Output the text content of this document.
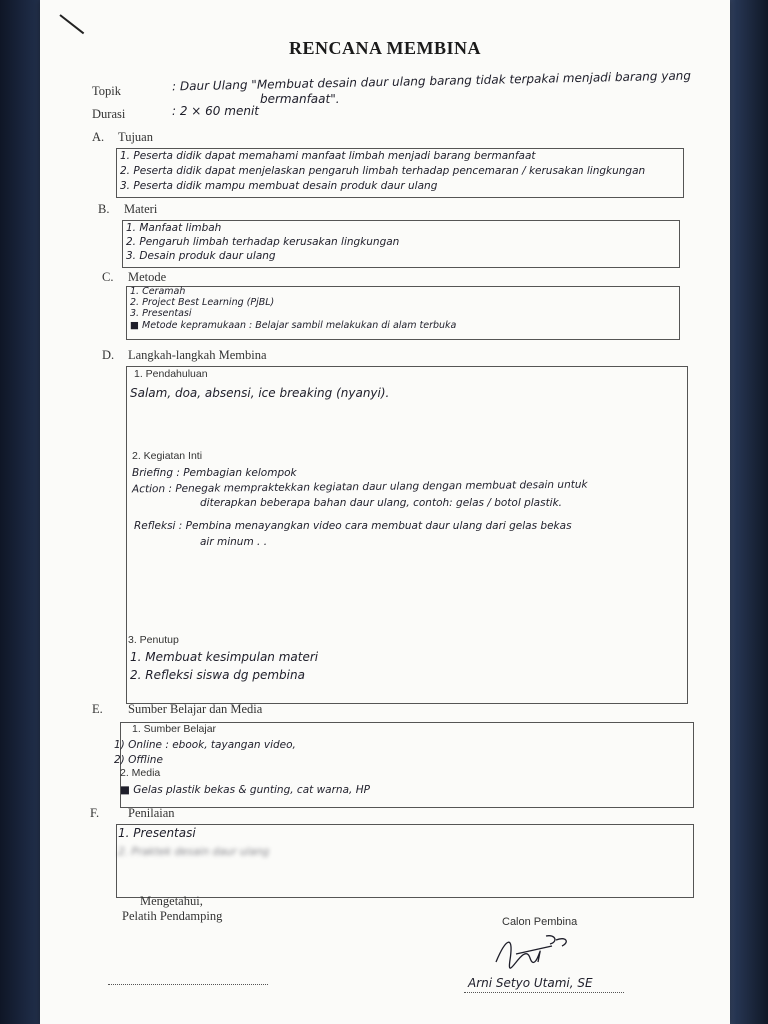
RENCANA MEMBINA
Topik	: Daur Ulang "Membuat desain daur ulang barang tidak terpakai menjadi barang yang
bermanfaat".
Durasi	: 2 × 60 menit
A. Tujuan
1. Peserta didik dapat memahami manfaat limbah menjadi barang bermanfaat
2. Peserta didik dapat menjelaskan pengaruh limbah terhadap pencemaran / kerusakan lingkungan
3. Peserta didik mampu membuat desain produk daur ulang
B. Materi
1. Manfaat limbah
2. Pengaruh limbah terhadap kerusakan lingkungan
3. Desain produk daur ulang
C. Metode
1. Ceramah
2. Project Best Learning (PjBL)
3. Presentasi
■ Metode kepramukaan : Belajar sambil melakukan di alam terbuka
D. Langkah-langkah Membina
1. Pendahuluan
Salam, doa, absensi, ice breaking (nyanyi).
2. Kegiatan Inti
Briefing : Pembagian kelompok
Action : Penegak mempraktekkan kegiatan daur ulang dengan membuat desain untuk
diterapkan beberapa bahan daur ulang, contoh: gelas / botol plastik.
Refleksi : Pembina menayangkan video cara membuat daur ulang dari gelas bekas
air minum . .
3. Penutup
1. Membuat kesimpulan materi
2. Refleksi siswa dg pembina
E. Sumber Belajar dan Media
1. Sumber Belajar
1) Online : ebook, tayangan video,
2) Offline
2. Media
■ Gelas plastik bekas & gunting, cat warna, HP
F. Penilaian
1. Presentasi
2. Praktek desain daur ulang
Mengetahui,
Pelatih Pendamping	Calon Pembina
Arni Setyo Utami, SE
